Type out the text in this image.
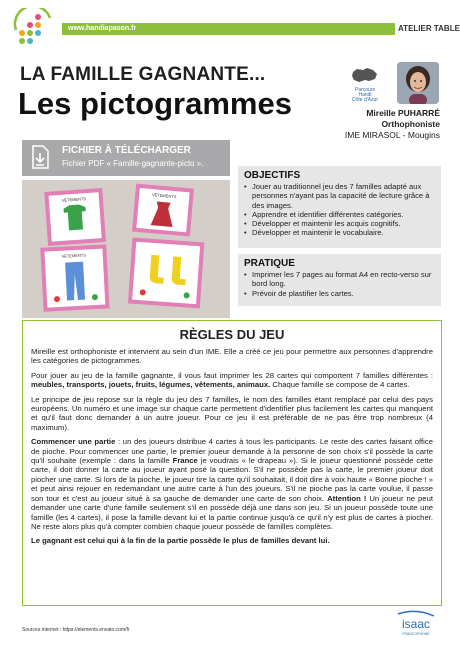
www.handiapason.fr	ATELIER TABLE
LA FAMILLE GAGNANTE...
Les pictogrammes	Parcours
Handi
Côte d'Azur
Mireille PUHARRÉ
Orthophoniste
IME MIRASOL - Mougins
FICHIER À TÉLÉCHARGER
Fichier PDF « Famille-gagnante-picto ».
VÊTEMENTS
VÊTEMENTS
VÊTEMENTS
OBJECTIFS
• Jouer au traditionnel jeu des 7 familles adapté aux personnes n'ayant pas la capacité de lecture grâce à des images.
• Apprendre et identifier différentes catégories.
• Développer et maintenir les acquis cognitifs.
• Développer et maintenir le vocabulaire.
PRATIQUE
• Imprimer les 7 pages au format A4 en recto-verso sur bord long.
• Prévoir de plastifier les cartes.
RÈGLES DU JEU

Mireille est orthophoniste et intervient au sein d'un IME. Elle a créé ce jeu pour permettre aux personnes d'apprendre les catégories de pictogrammes.

Pour jouer au jeu de la famille gagnante, il vous faut imprimer les 28 cartes qui comportent 7 familles différentes : meubles, transports, jouets, fruits, légumes, vêtements, animaux. Chaque famille se compose de 4 cartes.

Le principe de jeu repose sur la règle du jeu des 7 familles, le nom des familles étant remplacé par celui des pays européens. Un numéro et une image sur chaque carte permettent d'identifier plus facilement les cartes qui manquent et qu'il faut donc demander à un autre joueur. Pour ce jeu il est préférable de ne pas être trop nombreux (4 maximum).

Commencer une partie : un des joueurs distribue 4 cartes à tous les participants. Le reste des cartes faisant office de pioche. Pour commencer une partie, le premier joueur demande à la personne de son choix s'il possède la carte qu'il souhaite (exemple : dans la famille France je voudrais « le drapeau »). Si le joueur questionné possède cette carte, il doit donner la carte au joueur ayant posé la question. S'il ne possède pas la carte, le premier joueur doit piocher une carte. Si lors de la pioche, le joueur tire la carte qu'il souhaitait, il doit dire à voix haute « Bonne pioche ! » et peut ainsi rejouer en redemandant une autre carte à l'un des joueurs. S'il ne pioche pas la carte voulue, il passe son tour et c'est au joueur situé à sa gauche de demander une carte de son choix. Attention ! Un joueur ne peut demander une carte d'une famille seulement s'il en possède déjà une dans son jeu. Si un joueur possède toute une famille (les 4 cartes), il pose la famille devant lui et la partie continue jusqu'à ce qu'il n'y est plus de cartes à piocher. Ne reste alors plus qu'à compter combien chaque joueur possède de familles complètes.

Le gagnant est celui qui à la fin de la partie possède le plus de familles devant lui.

Sources internet : https://elements.envato.com/fr	isaac
FRANCOPHONE
